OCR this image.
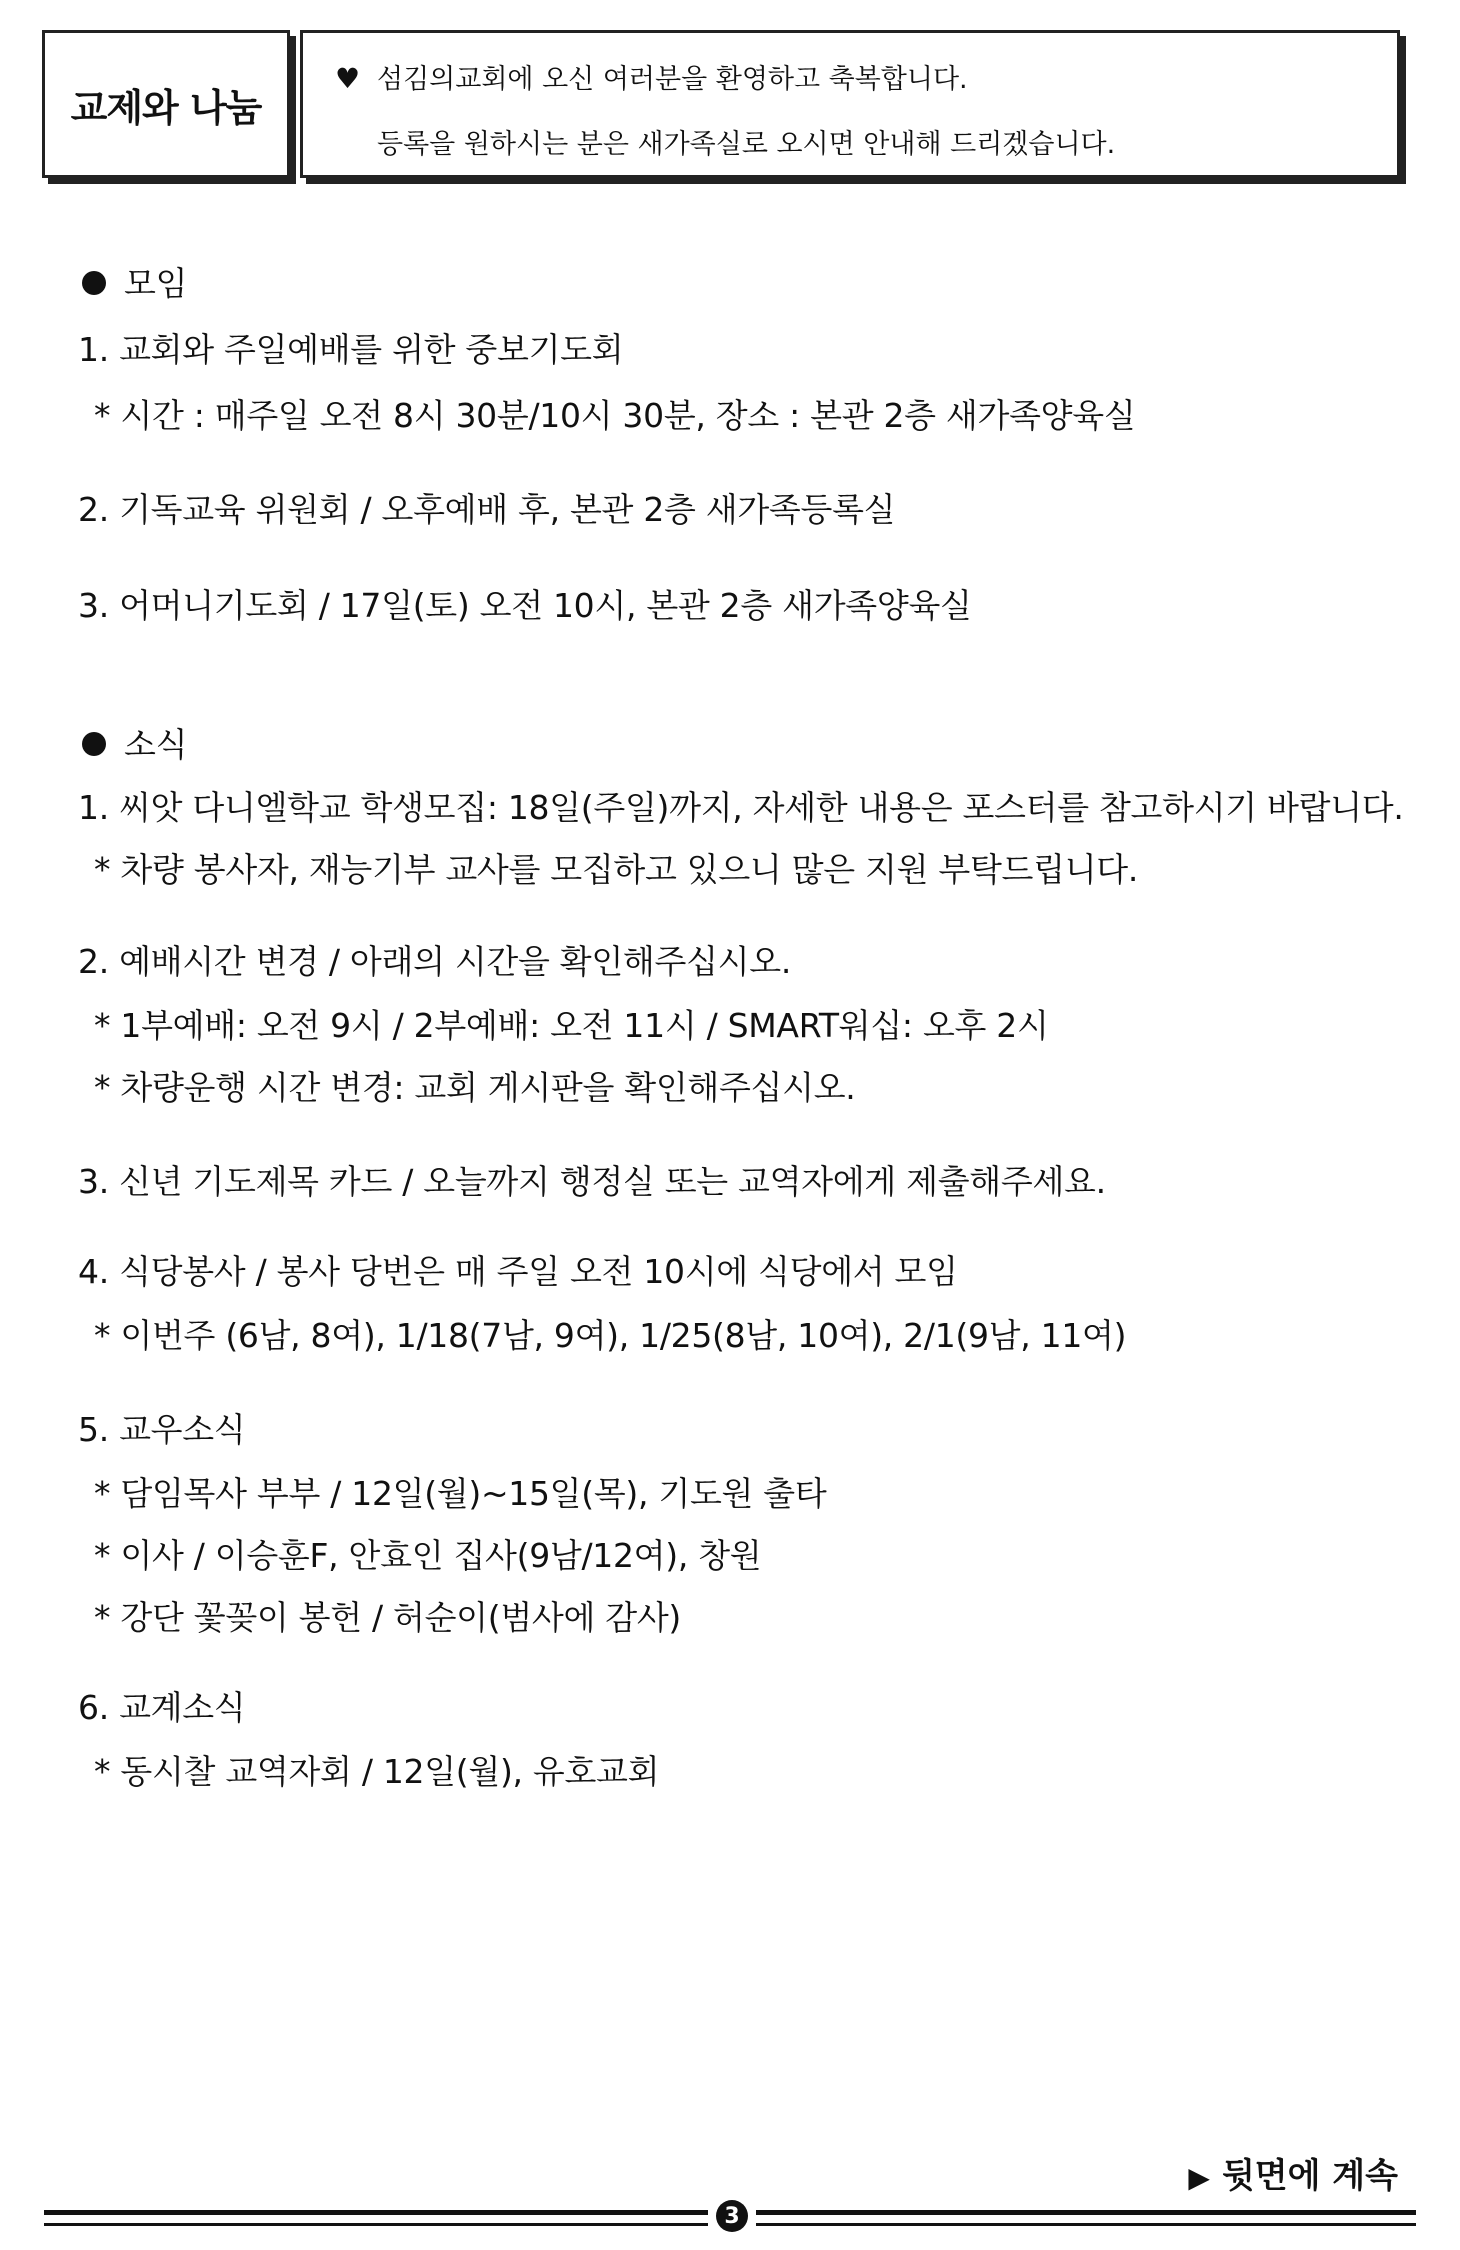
교제와 나눔
♥ 섬김의교회에 오신 여러분을 환영하고 축복합니다.
등록을 원하시는 분은 새가족실로 오시면 안내해 드리겠습니다.
모임
1. 교회와 주일예배를 위한 중보기도회
* 시간 : 매주일 오전 8시 30분/10시 30분, 장소 : 본관 2층 새가족양육실
2. 기독교육 위원회 / 오후예배 후, 본관 2층 새가족등록실
3. 어머니기도회 / 17일(토) 오전 10시, 본관 2층 새가족양육실
소식
1. 씨앗 다니엘학교 학생모집: 18일(주일)까지, 자세한 내용은 포스터를 참고하시기 바랍니다.
* 차량 봉사자, 재능기부 교사를 모집하고 있으니 많은 지원 부탁드립니다.
2. 예배시간 변경 / 아래의 시간을 확인해주십시오.
* 1부예배: 오전 9시 / 2부예배: 오전 11시 / SMART워십: 오후 2시
* 차량운행 시간 변경: 교회 게시판을 확인해주십시오.
3. 신년 기도제목 카드 / 오늘까지 행정실 또는 교역자에게 제출해주세요.
4. 식당봉사 / 봉사 당번은 매 주일 오전 10시에 식당에서 모임
* 이번주 (6남, 8여), 1/18(7남, 9여), 1/25(8남, 10여), 2/1(9남, 11여)
5. 교우소식
* 담임목사 부부 / 12일(월)~15일(목), 기도원 출타
* 이사 / 이승훈F, 안효인 집사(9남/12여), 창원
* 강단 꽃꽂이 봉헌 / 허순이(범사에 감사)
6. 교계소식
* 동시찰 교역자회 / 12일(월), 유호교회
▶ 뒷면에 계속
3
